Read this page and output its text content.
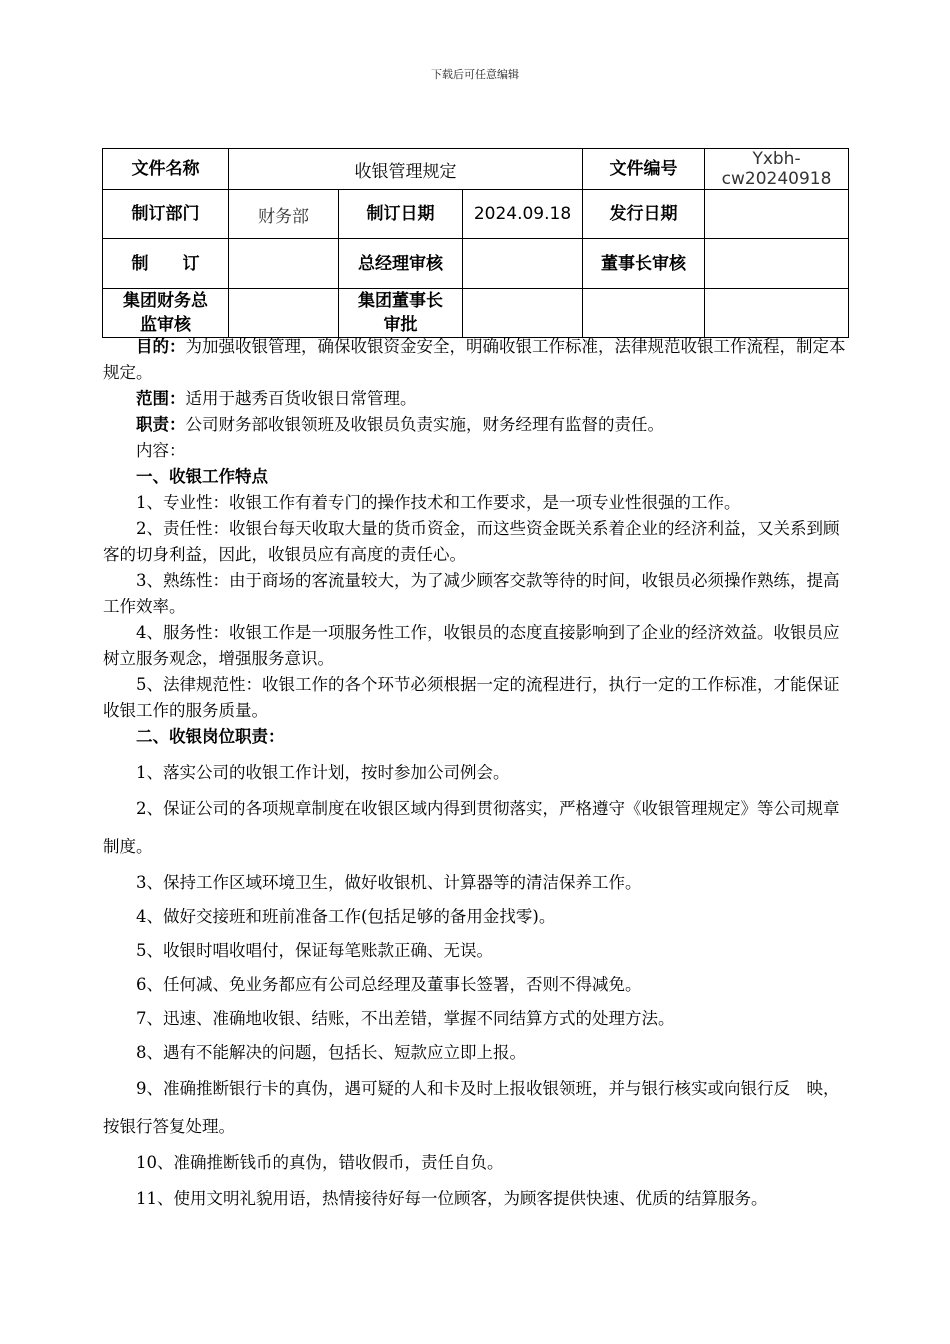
下载后可任意编辑
文件名称	收银管理规定			文件编号	Yxbh-cw20240918
制订部门	财务部	制订日期	2024.09.18	发行日期	
制　　订		总经理审核		董事长审核	
集团财务总监审核		集团董事长审批			

目的：为加强收银管理，确保收银资金安全，明确收银工作标准，法律规范收银工作流程，制定本规定。

范围：适用于越秀百货收银日常管理。

职责：公司财务部收银领班及收银员负责实施，财务经理有监督的责任。

内容：

一、收银工作特点

1、专业性：收银工作有着专门的操作技术和工作要求，是一项专业性很强的工作。

2、责任性：收银台每天收取大量的货币资金，而这些资金既关系着企业的经济利益，又关系到顾客的切身利益，因此，收银员应有高度的责任心。

3、熟练性：由于商场的客流量较大，为了减少顾客交款等待的时间，收银员必须操作熟练，提高工作效率。

4、服务性：收银工作是一项服务性工作，收银员的态度直接影响到了企业的经济效益。收银员应树立服务观念，增强服务意识。

5、法律规范性：收银工作的各个环节必须根据一定的流程进行，执行一定的工作标准，才能保证收银工作的服务质量。

二、收银岗位职责：

1、落实公司的收银工作计划，按时参加公司例会。

2、保证公司的各项规章制度在收银区域内得到贯彻落实，严格遵守《收银管理规定》等公司规章制度。

3、保持工作区域环境卫生，做好收银机、计算器等的清洁保养工作。

4、做好交接班和班前准备工作(包括足够的备用金找零)。

5、收银时唱收唱付，保证每笔账款正确、无误。

6、任何减、免业务都应有公司总经理及董事长签署，否则不得减免。

7、迅速、准确地收银、结账，不出差错，掌握不同结算方式的处理方法。

8、遇有不能解决的问题，包括长、短款应立即上报。

9、准确推断银行卡的真伪，遇可疑的人和卡及时上报收银领班，并与银行核实或向银行反　映，按银行答复处理。

10、准确推断钱币的真伪，错收假币，责任自负。

11、使用文明礼貌用语，热情接待好每一位顾客，为顾客提供快速、优质的结算服务。
